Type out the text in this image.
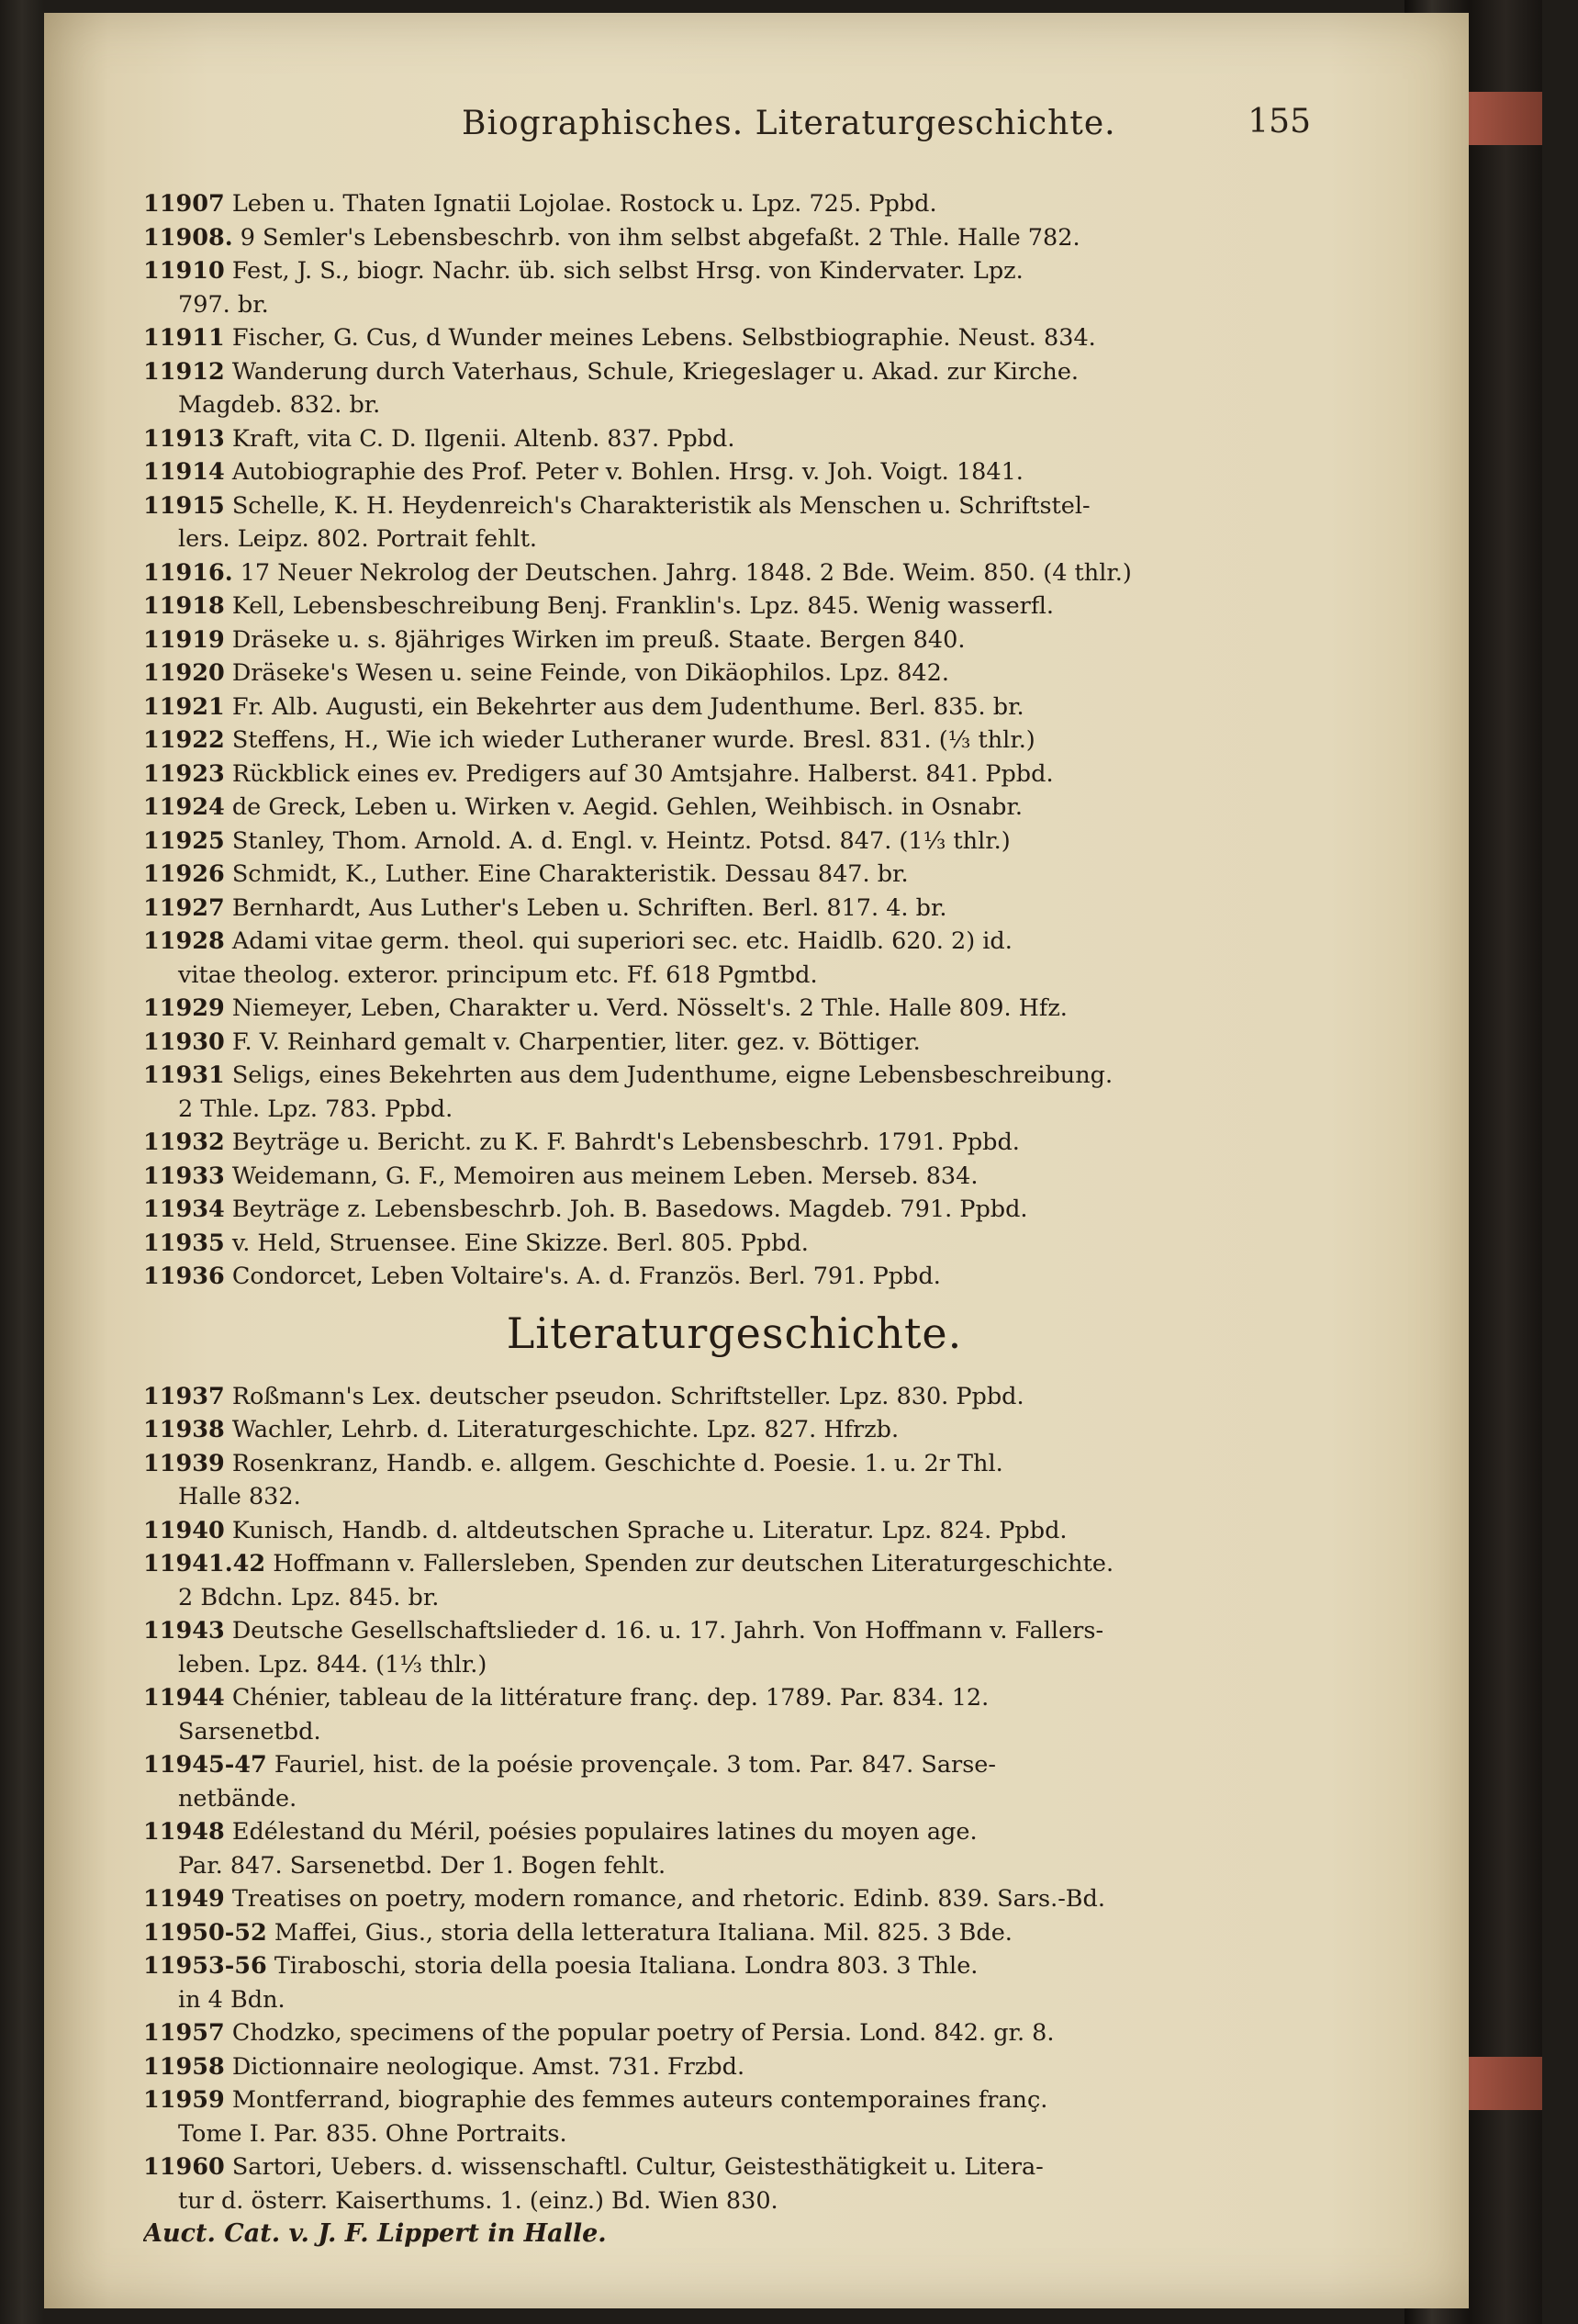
Biographisches. Literaturgeschichte.	155
11907 Leben u. Thaten Ignatii Lojolae. Rostock u. Lpz. 725. Ppbd.
11908. 9 Semler's Lebensbeschrb. von ihm selbst abgefaßt. 2 Thle. Halle 782.
11910 Fest, J. S., biogr. Nachr. üb. sich selbst Hrsg. von Kindervater. Lpz.
797. br.
11911 Fischer, G. Cus, d Wunder meines Lebens. Selbstbiographie. Neust. 834.
11912 Wanderung durch Vaterhaus, Schule, Kriegeslager u. Akad. zur Kirche.
Magdeb. 832. br.
11913 Kraft, vita C. D. Ilgenii. Altenb. 837. Ppbd.
11914 Autobiographie des Prof. Peter v. Bohlen. Hrsg. v. Joh. Voigt. 1841.
11915 Schelle, K. H. Heydenreich's Charakteristik als Menschen u. Schriftstel-
lers. Leipz. 802. Portrait fehlt.
11916. 17 Neuer Nekrolog der Deutschen. Jahrg. 1848. 2 Bde. Weim. 850. (4 thlr.)
11918 Kell, Lebensbeschreibung Benj. Franklin's. Lpz. 845. Wenig wasserfl.
11919 Dräseke u. s. 8jähriges Wirken im preuß. Staate. Bergen 840.
11920 Dräseke's Wesen u. seine Feinde, von Dikäophilos. Lpz. 842.
11921 Fr. Alb. Augusti, ein Bekehrter aus dem Judenthume. Berl. 835. br.
11922 Steffens, H., Wie ich wieder Lutheraner wurde. Bresl. 831. (⅓ thlr.)
11923 Rückblick eines ev. Predigers auf 30 Amtsjahre. Halberst. 841. Ppbd.
11924 de Greck, Leben u. Wirken v. Aegid. Gehlen, Weihbisch. in Osnabr.
11925 Stanley, Thom. Arnold. A. d. Engl. v. Heintz. Potsd. 847. (1⅓ thlr.)
11926 Schmidt, K., Luther. Eine Charakteristik. Dessau 847. br.
11927 Bernhardt, Aus Luther's Leben u. Schriften. Berl. 817. 4. br.
11928 Adami vitae germ. theol. qui superiori sec. etc. Haidlb. 620. 2) id.
vitae theolog. exteror. principum etc. Ff. 618 Pgmtbd.
11929 Niemeyer, Leben, Charakter u. Verd. Nösselt's. 2 Thle. Halle 809. Hfz.
11930 F. V. Reinhard gemalt v. Charpentier, liter. gez. v. Böttiger.
11931 Seligs, eines Bekehrten aus dem Judenthume, eigne Lebensbeschreibung.
2 Thle. Lpz. 783. Ppbd.
11932 Beyträge u. Bericht. zu K. F. Bahrdt's Lebensbeschrb. 1791. Ppbd.
11933 Weidemann, G. F., Memoiren aus meinem Leben. Merseb. 834.
11934 Beyträge z. Lebensbeschrb. Joh. B. Basedows. Magdeb. 791. Ppbd.
11935 v. Held, Struensee. Eine Skizze. Berl. 805. Ppbd.
11936 Condorcet, Leben Voltaire's. A. d. Französ. Berl. 791. Ppbd.
Literaturgeschichte.
11937 Roßmann's Lex. deutscher pseudon. Schriftsteller. Lpz. 830. Ppbd.
11938 Wachler, Lehrb. d. Literaturgeschichte. Lpz. 827. Hfrzb.
11939 Rosenkranz, Handb. e. allgem. Geschichte d. Poesie. 1. u. 2r Thl.
Halle 832.
11940 Kunisch, Handb. d. altdeutschen Sprache u. Literatur. Lpz. 824. Ppbd.
11941.42 Hoffmann v. Fallersleben, Spenden zur deutschen Literaturgeschichte.
2 Bdchn. Lpz. 845. br.
11943 Deutsche Gesellschaftslieder d. 16. u. 17. Jahrh. Von Hoffmann v. Fallers-
leben. Lpz. 844. (1⅓ thlr.)
11944 Chénier, tableau de la littérature franç. dep. 1789. Par. 834. 12.
Sarsenetbd.
11945-47 Fauriel, hist. de la poésie provençale. 3 tom. Par. 847. Sarse-
netbände.
11948 Edélestand du Méril, poésies populaires latines du moyen age.
Par. 847. Sarsenetbd. Der 1. Bogen fehlt.
11949 Treatises on poetry, modern romance, and rhetoric. Edinb. 839. Sars.-Bd.
11950-52 Maffei, Gius., storia della letteratura Italiana. Mil. 825. 3 Bde.
11953-56 Tiraboschi, storia della poesia Italiana. Londra 803. 3 Thle.
in 4 Bdn.
11957 Chodzko, specimens of the popular poetry of Persia. Lond. 842. gr. 8.
11958 Dictionnaire neologique. Amst. 731. Frzbd.
11959 Montferrand, biographie des femmes auteurs contemporaines franç.
Tome I. Par. 835. Ohne Portraits.
11960 Sartori, Uebers. d. wissenschaftl. Cultur, Geistesthätigkeit u. Litera-
tur d. österr. Kaiserthums. 1. (einz.) Bd. Wien 830.
Auct. Cat. v. J. F. Lippert in Halle.
